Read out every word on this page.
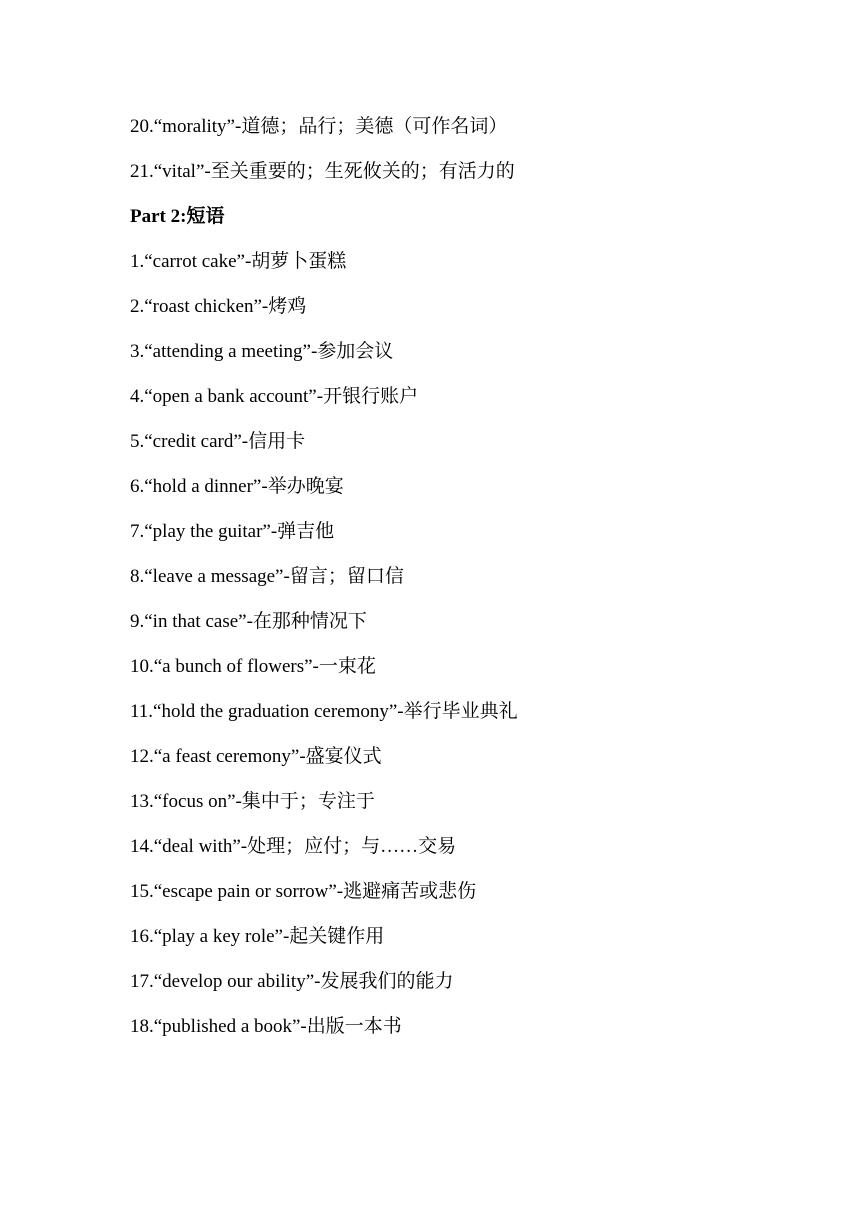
20.“morality”-道德；品行；美德（可作名词）
21.“vital”-至关重要的；生死攸关的；有活力的
Part 2:短语
1.“carrot cake”-胡萝卜蛋糕
2.“roast chicken”-烤鸡
3.“attending a meeting”-参加会议
4.“open a bank account”-开银行账户
5.“credit card”-信用卡
6.“hold a dinner”-举办晚宴
7.“play the guitar”-弹吉他
8.“leave a message”-留言；留口信
9.“in that case”-在那种情况下
10.“a bunch of flowers”-一束花
11.“hold the graduation ceremony”-举行毕业典礼
12.“a feast ceremony”-盛宴仪式
13.“focus on”-集中于；专注于
14.“deal with”-处理；应付；与……交易
15.“escape pain or sorrow”-逃避痛苦或悲伤
16.“play a key role”-起关键作用
17.“develop our ability”-发展我们的能力
18.“published a book”-出版一本书
